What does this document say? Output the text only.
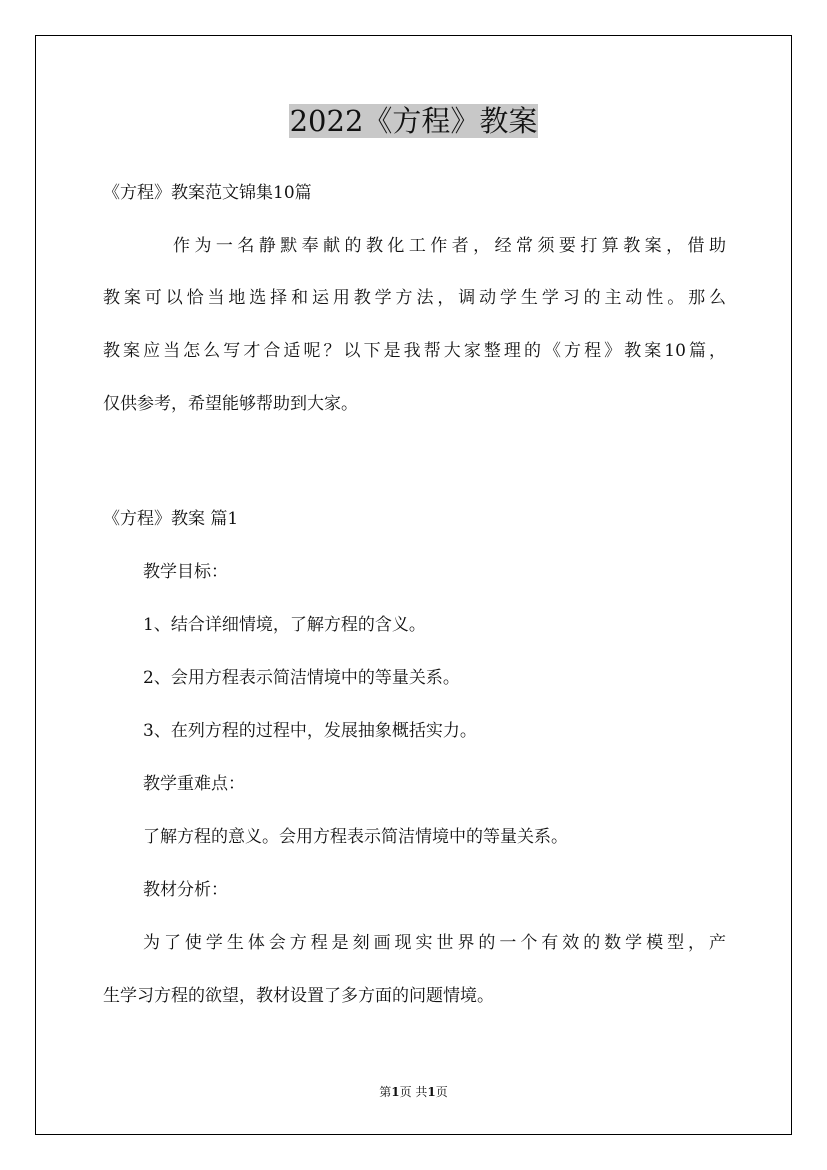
2022《方程》教案
《方程》教案范文锦集10篇
作为一名静默奉献的教化工作者，经常须要打算教案，借助
教案可以恰当地选择和运用教学方法，调动学生学习的主动性。那么
教案应当怎么写才合适呢？以下是我帮大家整理的《方程》教案10篇，
仅供参考，希望能够帮助到大家。
《方程》教案 篇1
教学目标：
1、结合详细情境，了解方程的含义。
2、会用方程表示简洁情境中的等量关系。
3、在列方程的过程中，发展抽象概括实力。
教学重难点：
了解方程的意义。会用方程表示简洁情境中的等量关系。
教材分析：
为了使学生体会方程是刻画现实世界的一个有效的数学模型，产
生学习方程的欲望，教材设置了多方面的问题情境。
第1页 共1页
